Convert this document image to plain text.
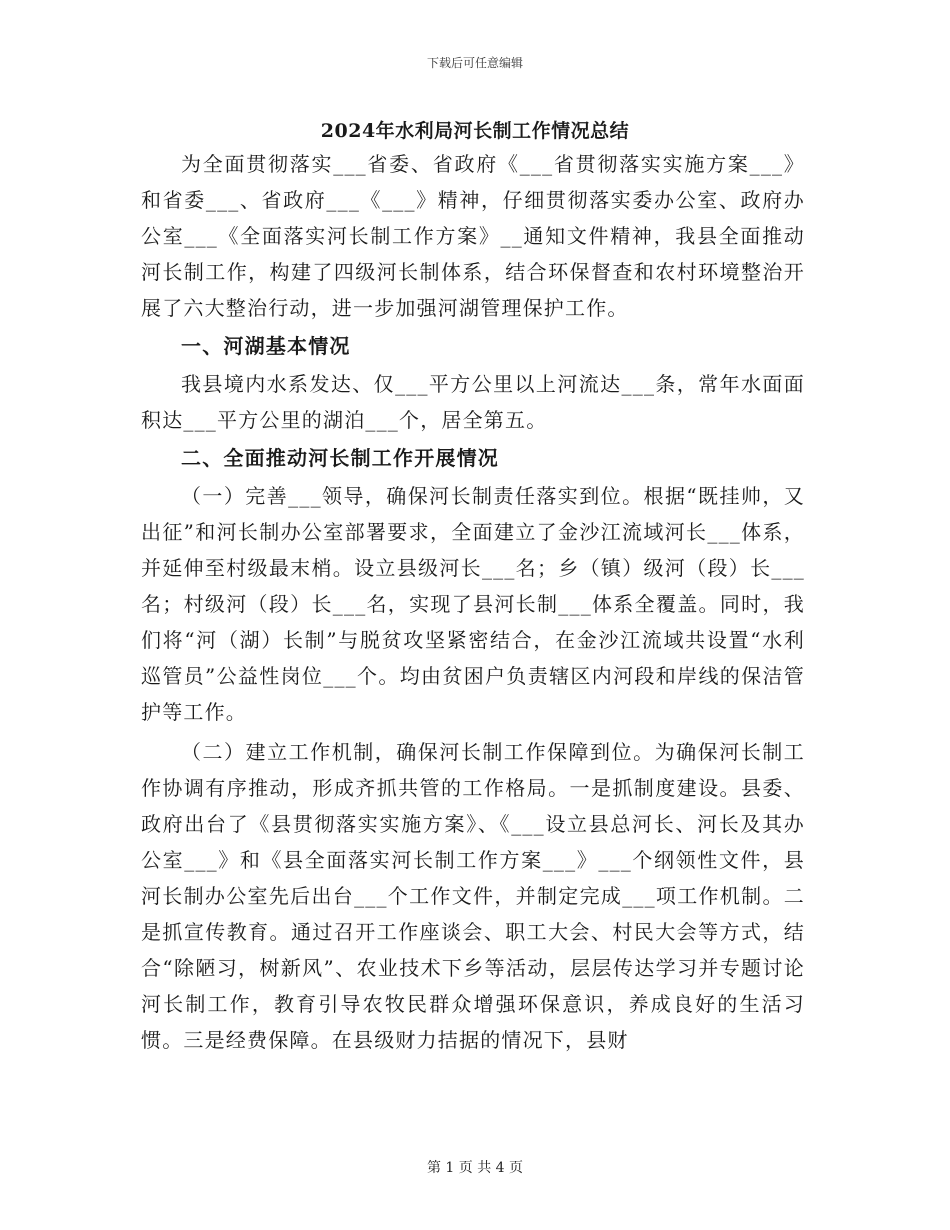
下载后可任意编辑
2024年水利局河长制工作情况总结

为全面贯彻落实___省委、省政府《___省贯彻落实实施方案___》和省委___、省政府___《___》精神，仔细贯彻落实委办公室、政府办公室___《全面落实河长制工作方案》__通知文件精神，我县全面推动河长制工作，构建了四级河长制体系，结合环保督查和农村环境整治开展了六大整治行动，进一步加强河湖管理保护工作。

一、河湖基本情况

我县境内水系发达、仅___平方公里以上河流达___条，常年水面面积达___平方公里的湖泊___个，居全第五。

二、全面推动河长制工作开展情况

（一）完善___领导，确保河长制责任落实到位。根据“既挂帅，又出征”和河长制办公室部署要求，全面建立了金沙江流域河长___体系，并延伸至村级最末梢。设立县级河长___名；乡（镇）级河（段）长___名；村级河（段）长___名，实现了县河长制___体系全覆盖。同时，我们将“河（湖）长制”与脱贫攻坚紧密结合，在金沙江流域共设置“水利巡管员”公益性岗位___个。均由贫困户负责辖区内河段和岸线的保洁管护等工作。

（二）建立工作机制，确保河长制工作保障到位。为确保河长制工作协调有序推动，形成齐抓共管的工作格局。一是抓制度建设。县委、政府出台了《县贯彻落实实施方案》、《___设立县总河长、河长及其办公室___》和《县全面落实河长制工作方案___》___个纲领性文件，县河长制办公室先后出台___个工作文件，并制定完成___项工作机制。二是抓宣传教育。通过召开工作座谈会、职工大会、村民大会等方式，结合“除陋习，树新风”、农业技术下乡等活动，层层传达学习并专题讨论河长制工作，教育引导农牧民群众增强环保意识，养成良好的生活习惯。三是经费保障。在县级财力拮据的情况下，县财

第 1 页 共 4 页
